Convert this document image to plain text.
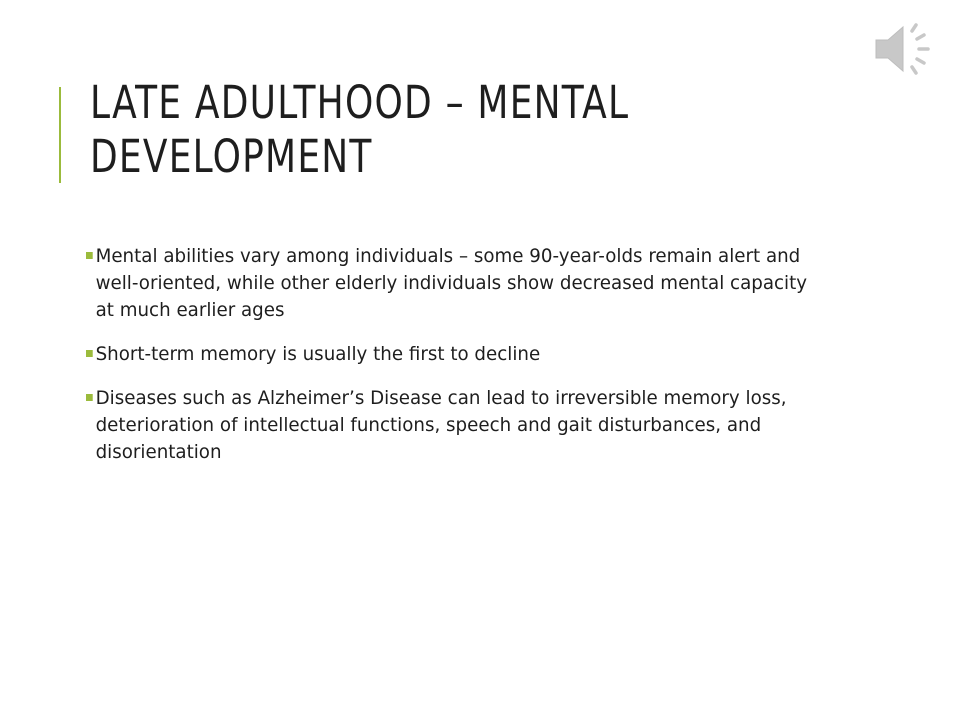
LATE ADULTHOOD – MENTAL
DEVELOPMENT
Mental abilities vary among individuals – some 90-year-olds remain alert and well-oriented, while other elderly individuals show decreased mental capacity at much earlier ages
Short-term memory is usually the first to decline
Diseases such as Alzheimer’s Disease can lead to irreversible memory loss, deterioration of intellectual functions, speech and gait disturbances, and disorientation
